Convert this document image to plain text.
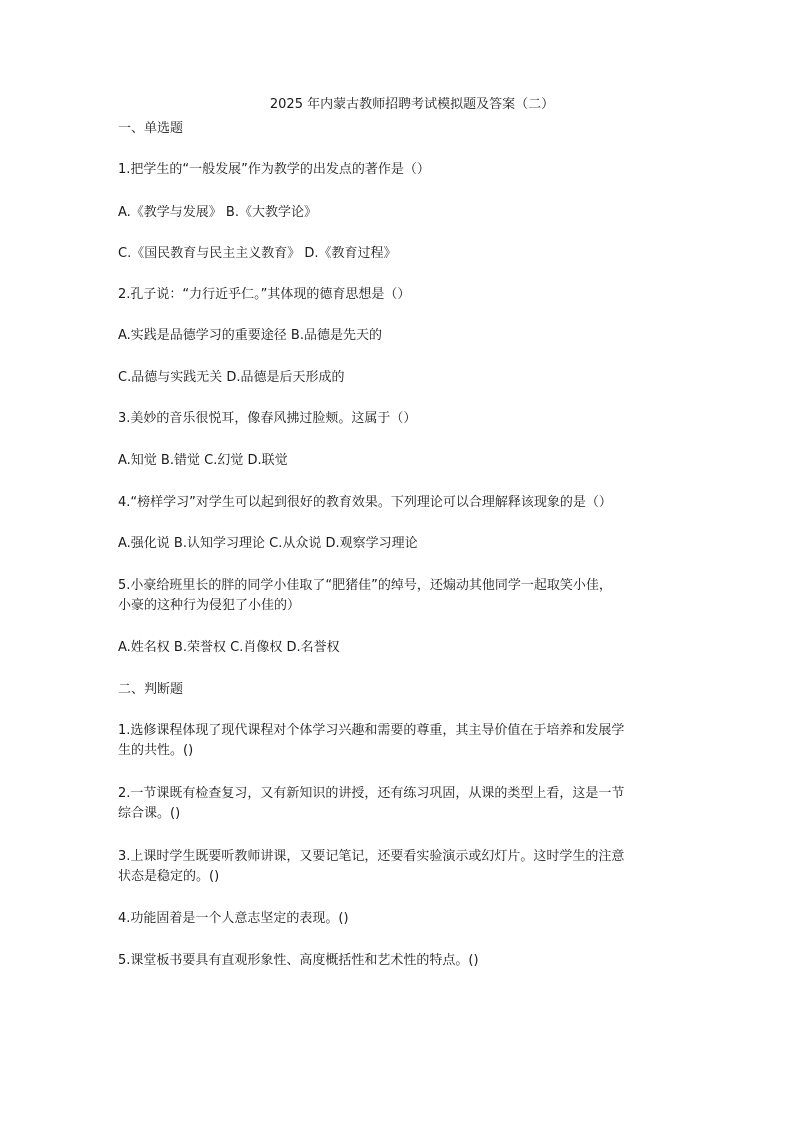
2025 年内蒙古教师招聘考试模拟题及答案（二）
一、单选题
1.把学生的“一般发展”作为教学的出发点的著作是（）
A.《教学与发展》 B.《大教学论》
C.《国民教育与民主主义教育》 D.《教育过程》
2.孔子说：“力行近乎仁。”其体现的德育思想是（）
A.实践是品德学习的重要途径 B.品德是先天的
C.品德与实践无关 D.品德是后天形成的
3.美妙的音乐很悦耳，像春风拂过脸颊。这属于（）
A.知觉 B.错觉 C.幻觉 D.联觉
4.“榜样学习”对学生可以起到很好的教育效果。下列理论可以合理解释该现象的是（）
A.强化说 B.认知学习理论 C.从众说 D.观察学习理论
5.小豪给班里长的胖的同学小佳取了“肥猪佳”的绰号，还煽动其他同学一起取笑小佳，
小豪的这种行为侵犯了小佳的）
A.姓名权 B.荣誉权 C.肖像权 D.名誉权
二、判断题
1.选修课程体现了现代课程对个体学习兴趣和需要的尊重，其主导价值在于培养和发展学
生的共性。()
2.一节课既有检查复习，又有新知识的讲授，还有练习巩固，从课的类型上看，这是一节
综合课。()
3.上课时学生既要听教师讲课，又要记笔记，还要看实验演示或幻灯片。这时学生的注意
状态是稳定的。()
4.功能固着是一个人意志坚定的表现。()
5.课堂板书要具有直观形象性、高度概括性和艺术性的特点。()
